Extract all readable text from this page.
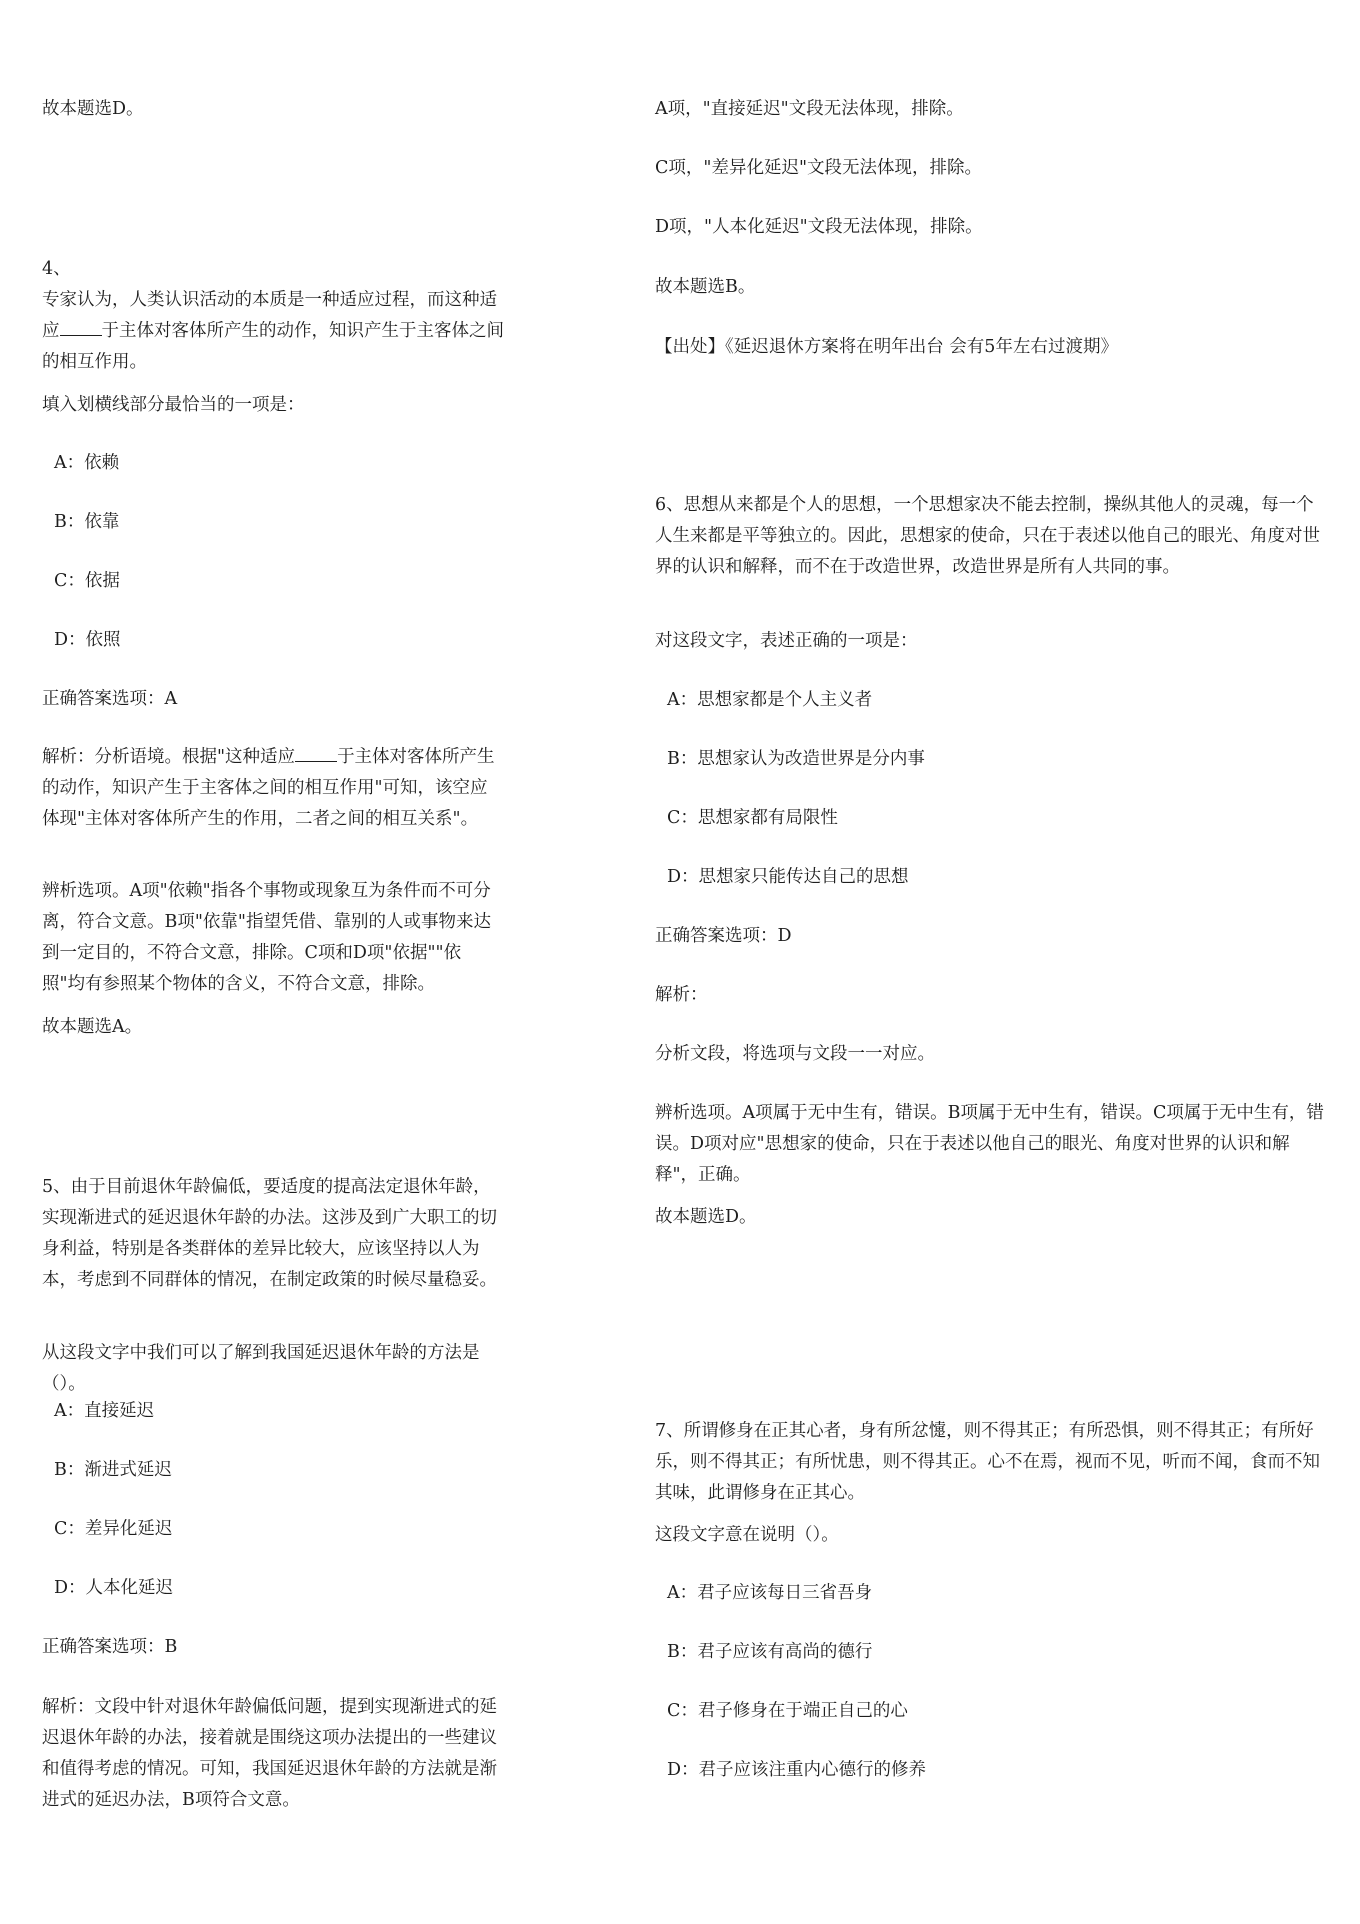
故本题选D。

4、

专家认为，人类认识活动的本质是一种适应过程，而这种适应 于主体对客体所产生的动作，知识产生于主客体之间的相互作用。

填入划横线部分最恰当的一项是：

A：依赖

B：依靠

C：依据

D：依照

正确答案选项：A

解析：分析语境。根据"这种适应 于主体对客体所产生的动作，知识产生于主客体之间的相互作用"可知，该空应体现"主体对客体所产生的作用，二者之间的相互关系"。

辨析选项。A项"依赖"指各个事物或现象互为条件而不可分离，符合文意。B项"依靠"指望凭借、靠别的人或事物来达到一定目的，不符合文意，排除。C项和D项"依据""依照"均有参照某个物体的含义，不符合文意，排除。

故本题选A。

5、由于目前退休年龄偏低，要适度的提高法定退休年龄，实现渐进式的延迟退休年龄的办法。这涉及到广大职工的切身利益，特别是各类群体的差异比较大，应该坚持以人为本，考虑到不同群体的情况，在制定政策的时候尽量稳妥。

从这段文字中我们可以了解到我国延迟退休年龄的方法是（）。

A：直接延迟

B：渐进式延迟

C：差异化延迟

D：人本化延迟

正确答案选项：B

解析：文段中针对退休年龄偏低问题，提到实现渐进式的延迟退休年龄的办法，接着就是围绕这项办法提出的一些建议和值得考虑的情况。可知，我国延迟退休年龄的方法就是渐进式的延迟办法，B项符合文意。

A项，"直接延迟"文段无法体现，排除。

C项，"差异化延迟"文段无法体现，排除。

D项，"人本化延迟"文段无法体现，排除。

故本题选B。

【出处】《延迟退休方案将在明年出台 会有5年左右过渡期》

6、思想从来都是个人的思想，一个思想家决不能去控制，操纵其他人的灵魂，每一个人生来都是平等独立的。因此，思想家的使命，只在于表述以他自己的眼光、角度对世界的认识和解释，而不在于改造世界，改造世界是所有人共同的事。

对这段文字，表述正确的一项是：

A：思想家都是个人主义者

B：思想家认为改造世界是分内事

C：思想家都有局限性

D：思想家只能传达自己的思想

正确答案选项：D

解析：

分析文段，将选项与文段一一对应。

辨析选项。A项属于无中生有，错误。B项属于无中生有，错误。C项属于无中生有，错误。D项对应"思想家的使命，只在于表述以他自己的眼光、角度对世界的认识和解释"，正确。

故本题选D。

7、所谓修身在正其心者，身有所忿懥，则不得其正；有所恐惧，则不得其正；有所好乐，则不得其正；有所忧患，则不得其正。心不在焉，视而不见，听而不闻，食而不知其味，此谓修身在正其心。

这段文字意在说明（）。

A：君子应该每日三省吾身

B：君子应该有高尚的德行

C：君子修身在于端正自己的心

D：君子应该注重内心德行的修养
